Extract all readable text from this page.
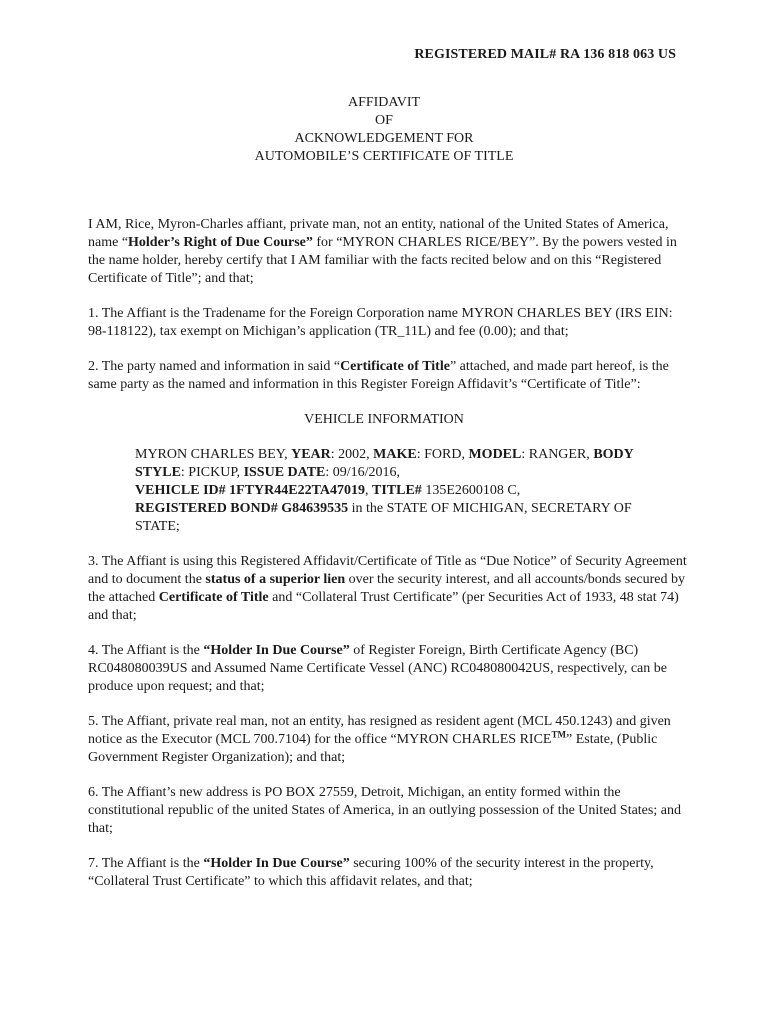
REGISTERED MAIL# RA 136 818 063 US
AFFIDAVIT
OF
ACKNOWLEDGEMENT FOR
AUTOMOBILE’S CERTIFICATE OF TITLE

I AM, Rice, Myron-Charles affiant, private man, not an entity, national of the United States of America, name “Holder’s Right of Due Course” for “MYRON CHARLES RICE/BEY”. By the powers vested in the name holder, hereby certify that I AM familiar with the facts recited below and on this “Registered Certificate of Title”; and that;

1. The Affiant is the Tradename for the Foreign Corporation name MYRON CHARLES BEY (IRS EIN: 98-118122), tax exempt on Michigan’s application (TR_11L) and fee (0.00); and that;

2. The party named and information in said “Certificate of Title” attached, and made part hereof, is the same party as the named and information in this Register Foreign Affidavit’s “Certificate of Title”:

VEHICLE INFORMATION

MYRON CHARLES BEY, YEAR: 2002, MAKE: FORD, MODEL: RANGER, BODY STYLE: PICKUP, ISSUE DATE: 09/16/2016,
VEHICLE ID# 1FTYR44E22TA47019, TITLE# 135E2600108 C,
REGISTERED BOND# G84639535 in the STATE OF MICHIGAN, SECRETARY OF STATE;

3. The Affiant is using this Registered Affidavit/Certificate of Title as “Due Notice” of Security Agreement and to document the status of a superior lien over the security interest, and all accounts/bonds secured by the attached Certificate of Title and “Collateral Trust Certificate” (per Securities Act of 1933, 48 stat 74) and that;

4. The Affiant is the “Holder In Due Course” of Register Foreign, Birth Certificate Agency (BC) RC048080039US and Assumed Name Certificate Vessel (ANC) RC048080042US, respectively, can be produce upon request; and that;

5. The Affiant, private real man, not an entity, has resigned as resident agent (MCL 450.1243) and given notice as the Executor (MCL 700.7104) for the office “MYRON CHARLES RICE™” Estate, (Public Government Register Organization); and that;

6. The Affiant’s new address is PO BOX 27559, Detroit, Michigan, an entity formed within the constitutional republic of the united States of America, in an outlying possession of the United States; and that;

7. The Affiant is the “Holder In Due Course” securing 100% of the security interest in the property, “Collateral Trust Certificate” to which this affidavit relates, and that;
